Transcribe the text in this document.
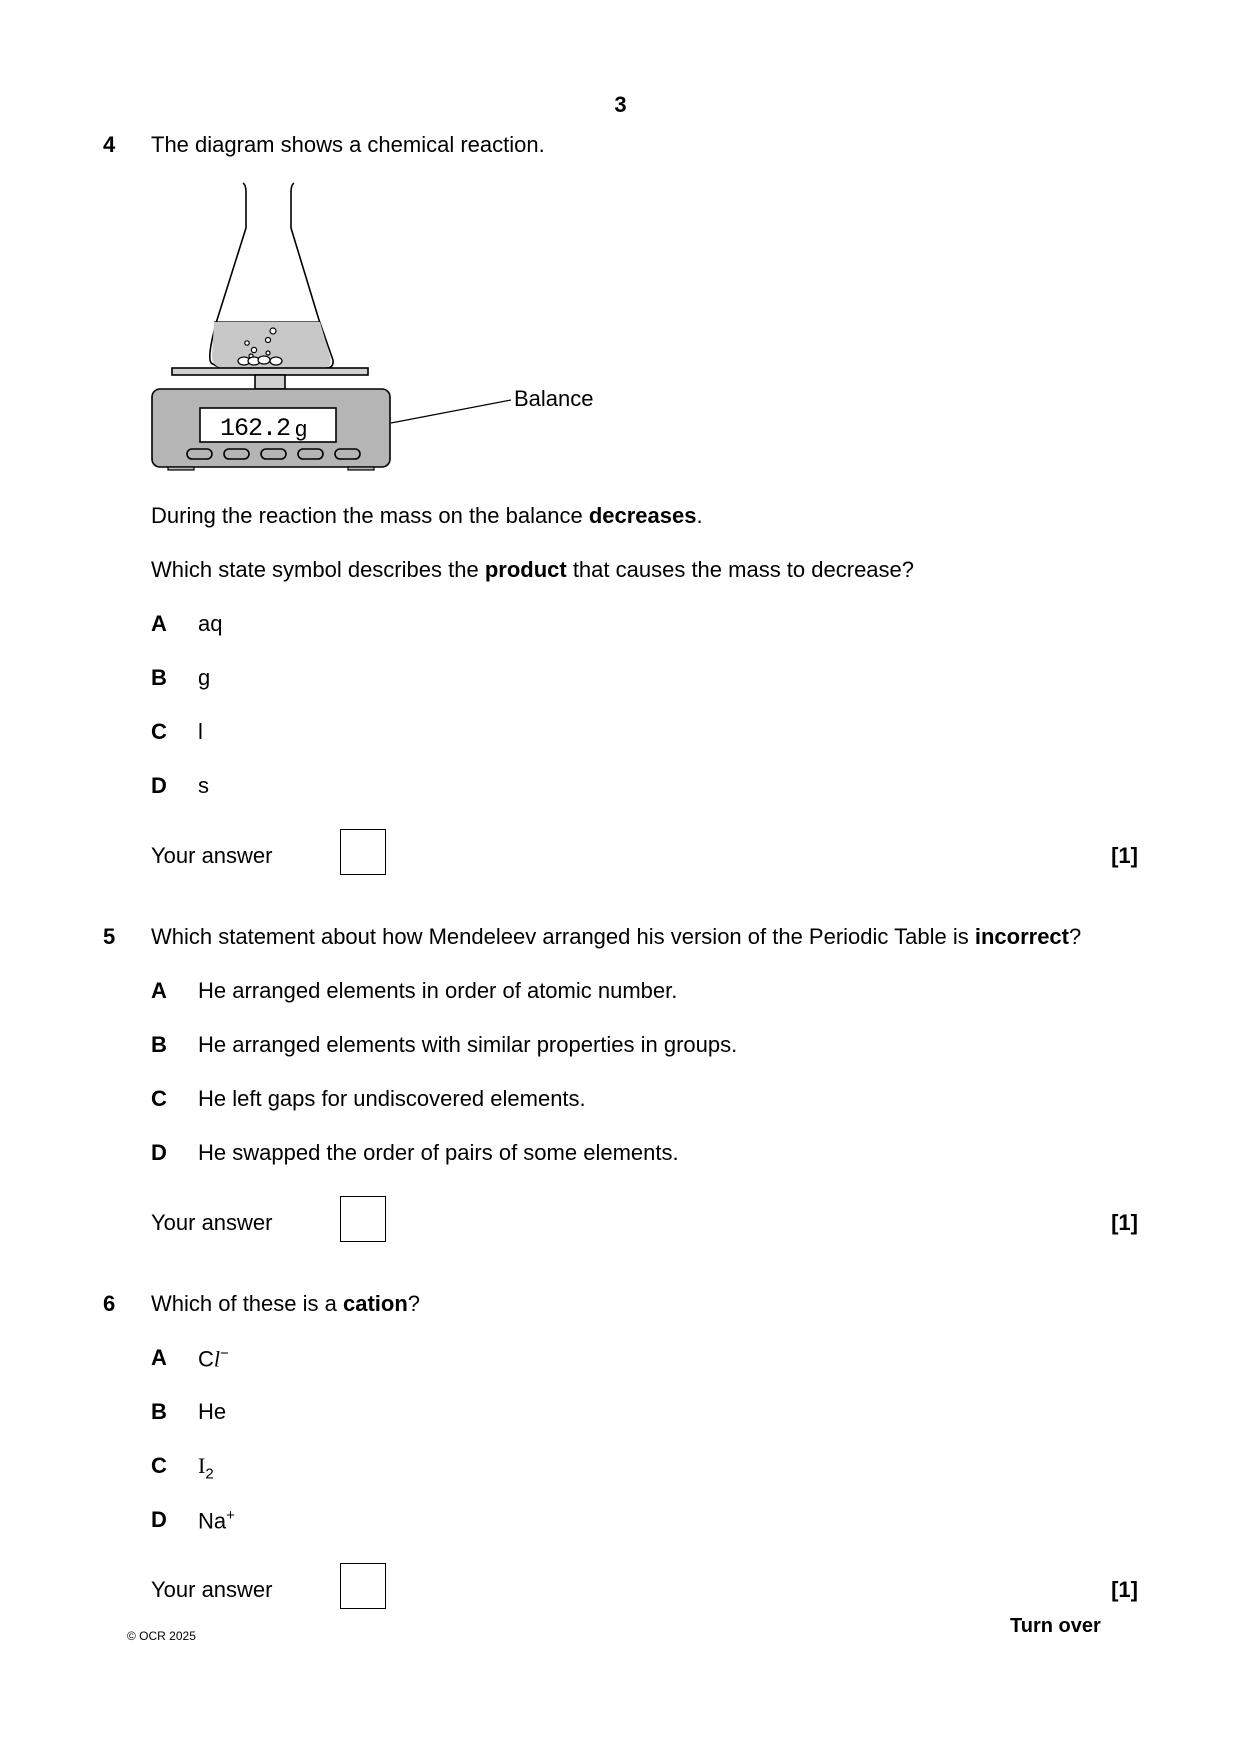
3
4 The diagram shows a chemical reaction.
162.2 g
Balance
During the reaction the mass on the balance decreases.
Which state symbol describes the product that causes the mass to decrease?
A aq
B g
C l
D s
Your answer	[1]
5 Which statement about how Mendeleev arranged his version of the Periodic Table is incorrect?
A He arranged elements in order of atomic number.
B He arranged elements with similar properties in groups.
C He left gaps for undiscovered elements.
D He swapped the order of pairs of some elements.
Your answer	[1]
6 Which of these is a cation?
A Cl−
B He
C $I_2$
D Na+
Your answer	[1]
© OCR 2025	Turn over
